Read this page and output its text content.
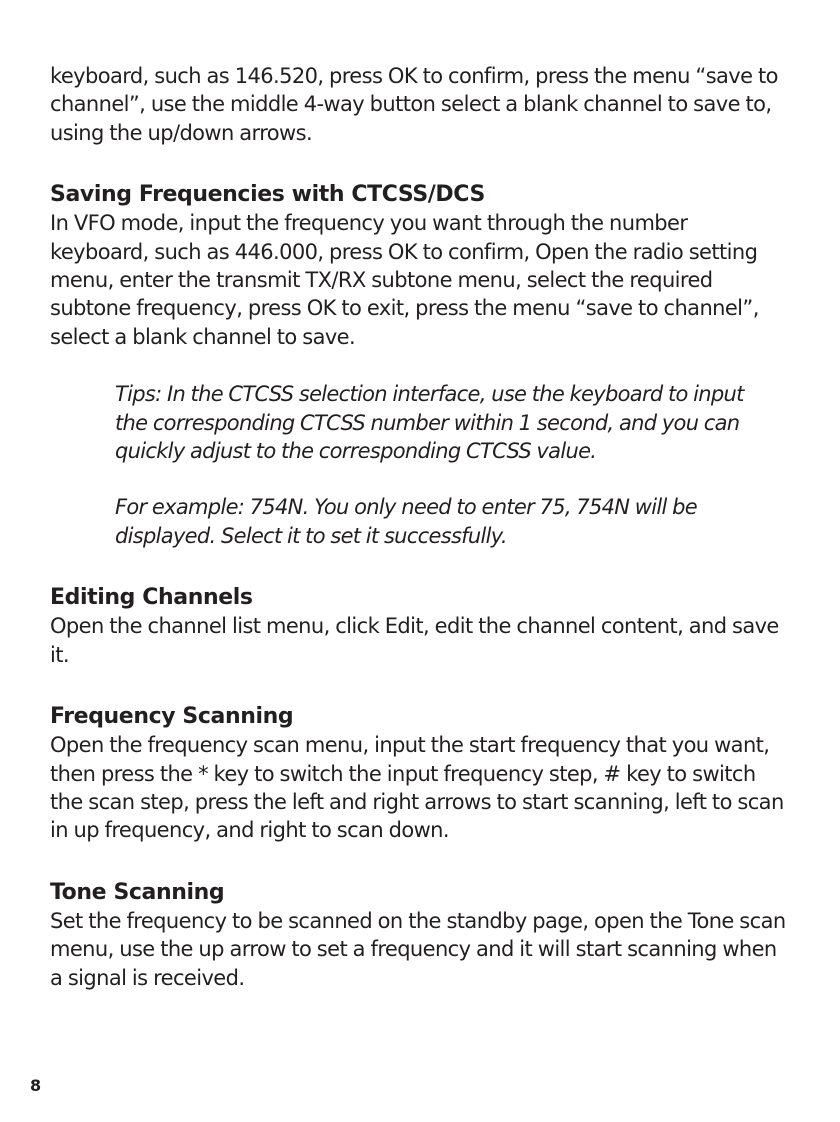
keyboard, such as 146.520, press OK to confirm, press the menu “save to channel”, use the middle 4-way button select a blank channel to save to, using the up/down arrows.

Saving Frequencies with CTCSS/DCS

In VFO mode, input the frequency you want through the number keyboard, such as 446.000, press OK to confirm, Open the radio setting menu, enter the transmit TX/RX subtone menu, select the required subtone frequency, press OK to exit, press the menu “save to channel”, select a blank channel to save.

Tips: In the CTCSS selection interface, use the keyboard to input the corresponding CTCSS number within 1 second, and you can quickly adjust to the corresponding CTCSS value.

For example: 754N. You only need to enter 75, 754N will be displayed. Select it to set it successfully.

Editing Channels

Open the channel list menu, click Edit, edit the channel content, and save it.

Frequency Scanning

Open the frequency scan menu, input the start frequency that you want, then press the * key to switch the input frequency step, # key to switch the scan step, press the left and right arrows to start scanning, left to scan in up frequency, and right to scan down.

Tone Scanning

Set the frequency to be scanned on the standby page, open the Tone scan menu, use the up arrow to set a frequency and it will start scanning when a signal is received.

8
